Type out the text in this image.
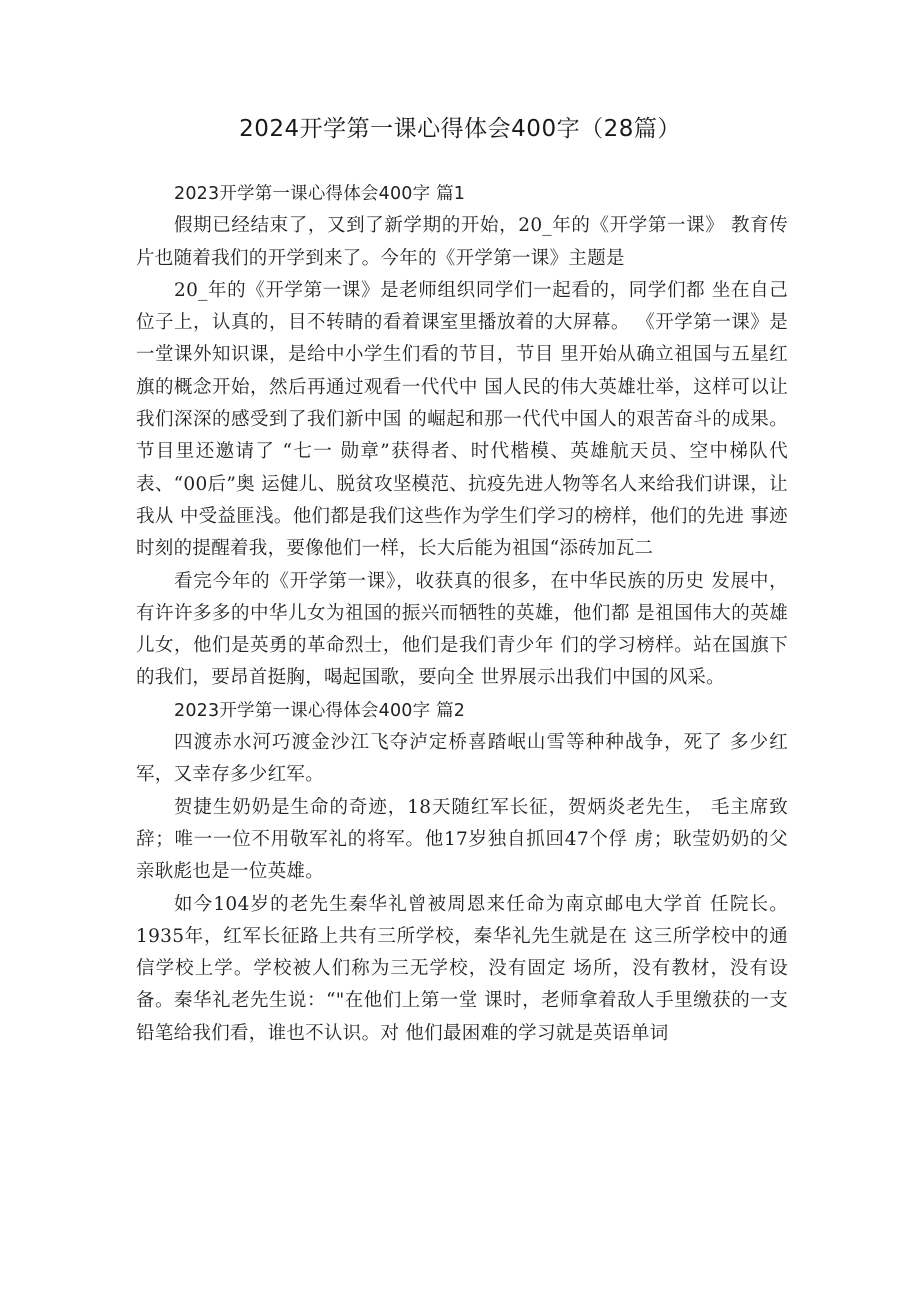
2024开学第一课心得体会400字（28篇）

2023开学第一课心得体会400字 篇1

假期已经结束了，又到了新学期的开始，20_年的《开学第一课》 教育传片也随着我们的开学到来了。今年的《开学第一课》主题是

20_年的《开学第一课》是老师组织同学们一起看的，同学们都 坐在自己位子上，认真的，目不转睛的看着课室里播放着的大屏幕。 《开学第一课》是一堂课外知识课，是给中小学生们看的节目，节目 里开始从确立祖国与五星红旗的概念开始，然后再通过观看一代代中 国人民的伟大英雄壮举，这样可以让我们深深的感受到了我们新中国 的崛起和那一代代中国人的艰苦奋斗的成果。节目里还邀请了 “七一 勋章”获得者、时代楷模、英雄航天员、空中梯队代表、“00后”奥 运健儿、脱贫攻坚模范、抗疫先进人物等名人来给我们讲课，让我从 中受益匪浅。他们都是我们这些作为学生们学习的榜样，他们的先进 事迹时刻的提醒着我，要像他们一样，长大后能为祖国“添砖加瓦二

看完今年的《开学第一课》，收获真的很多，在中华民族的历史 发展中，有许许多多的中华儿女为祖国的振兴而牺牲的英雄，他们都 是祖国伟大的英雄儿女，他们是英勇的革命烈士，他们是我们青少年 们的学习榜样。站在国旗下的我们，要昂首挺胸，喝起国歌，要向全 世界展示出我们中国的风采。

2023开学第一课心得体会400字 篇2

四渡赤水河巧渡金沙江飞夺泸定桥喜踏岷山雪等种种战争，死了 多少红军，又幸存多少红军。

贺捷生奶奶是生命的奇迹，18天随红军长征，贺炳炎老先生， 毛主席致辞；唯一一位不用敬军礼的将军。他17岁独自抓回47个俘 虏；耿莹奶奶的父亲耿彪也是一位英雄。

如今104岁的老先生秦华礼曾被周恩来任命为南京邮电大学首 任院长。1935年，红军长征路上共有三所学校，秦华礼先生就是在 这三所学校中的通信学校上学。学校被人们称为三无学校，没有固定 场所，没有教材，没有设备。秦华礼老先生说：“"在他们上第一堂 课时，老师拿着敌人手里缴获的一支铅笔给我们看，谁也不认识。对 他们最困难的学习就是英语单词
